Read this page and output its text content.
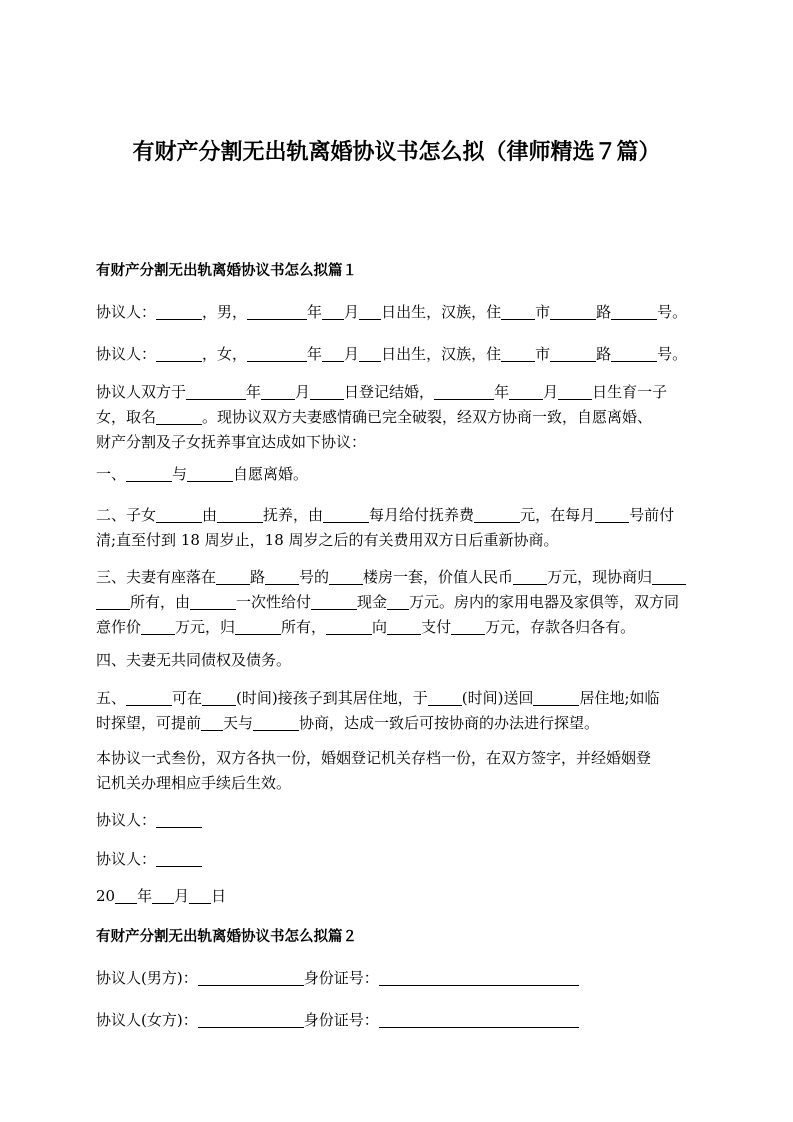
有财产分割无出轨离婚协议书怎么拟（律师精选７篇）

有财产分割无出轨离婚协议书怎么拟篇１

协议人：	，男，	年 月 日出生，汉族，住 市	路	号。

协议人：	，女，	年 月 日出生，汉族，住 市	路	号。

协议人双方于	年 月 日登记结婚，	年 月 日生育一子
女，取名	。现协议双方夫妻感情确已完全破裂，经双方协商一致，自愿离婚、
财产分割及子女抚养事宜达成如下协议：

一、	与	自愿离婚。

二、子女	由	抚养，由	每月给付抚养费	元，在每月 号前付
清;直至付到 18 周岁止，18 周岁之后的有关费用双方日后重新协商。

三、夫妻有座落在 路 号的 楼房一套，价值人民币 万元，现协商归
所有，由	一次性给付	现金 万元。房内的家用电器及家俱等，双方同
意作价 万元，归	所有，	向 支付 万元，存款各归各有。

四、夫妻无共同债权及债务。

五、	可在 (时间)接孩子到其居住地，于 (时间)送回	居住地;如临
时探望，可提前 天与	协商，达成一致后可按协商的办法进行探望。

本协议一式叁份，双方各执一份，婚姻登记机关存档一份，在双方签字，并经婚姻登
记机关办理相应手续后生效。

协议人：

协议人：

20 年 月 日

有财产分割无出轨离婚协议书怎么拟篇２

协议人(男方)：	身份证号：

协议人(女方)：	身份证号：
